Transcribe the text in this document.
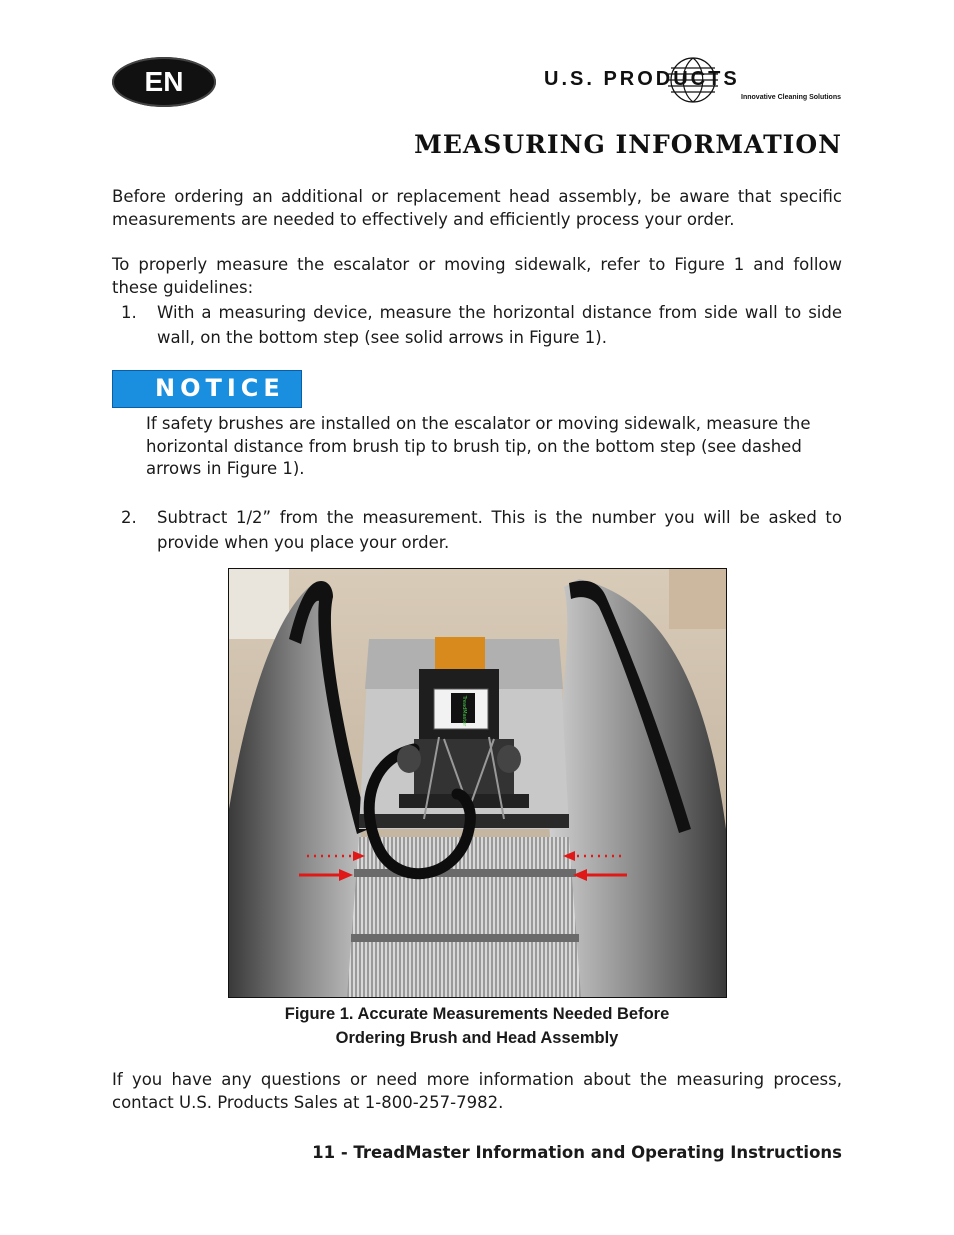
EN	U.S. PRODUCTS
Innovative Cleaning Solutions
MEASURING INFORMATION

Before ordering an additional or replacement head assembly, be aware that specific measurements are needed to effectively and efficiently process your order.

To properly measure the escalator or moving sidewalk, refer to Figure 1 and follow these guidelines:

1. With a measuring device, measure the horizontal distance from side wall to side wall, on the bottom step (see solid arrows in Figure 1).
NOTICE

If safety brushes are installed on the escalator or moving sidewalk, measure the horizontal distance from brush tip to brush tip, on the bottom step (see dashed arrows in Figure 1).

2. Subtract 1/2” from the measurement. This is the number you will be asked to provide when you place your order.
TreadMaster
Figure 1. Accurate Measurements Needed Before
Ordering Brush and Head Assembly

If you have any questions or need more information about the measuring process, contact U.S. Products Sales at 1-800-257-7982.

11 - TreadMaster Information and Operating Instructions
